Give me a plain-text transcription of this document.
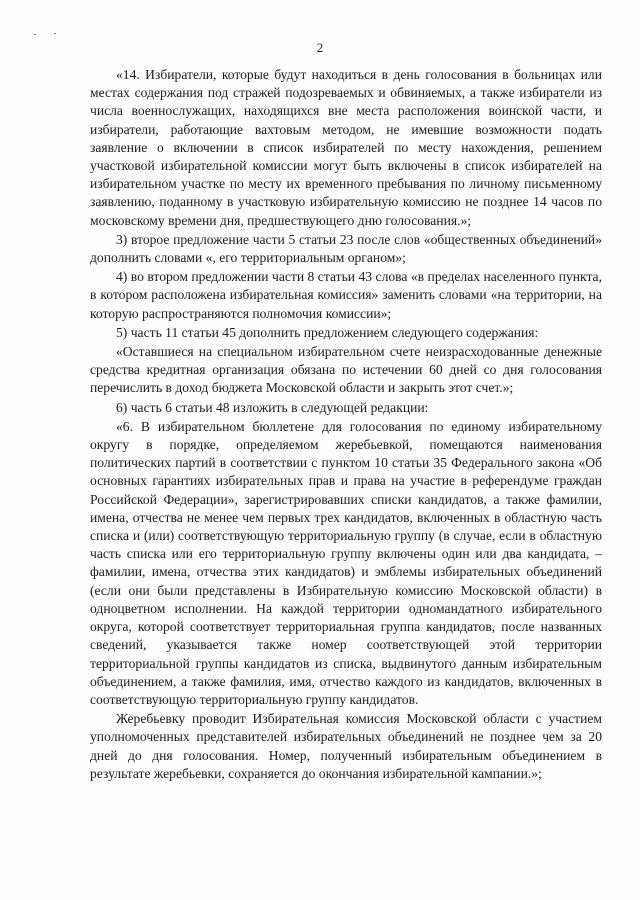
2

«14. Избиратели, которые будут находиться в день голосования в больницах или местах содержания под стражей подозреваемых и обвиняемых, а также избиратели из числа военнослужащих, находящихся вне места расположения воинской части, и избиратели, работающие вахтовым методом, не имевшие возможности подать заявление о включении в список избирателей по месту нахождения, решением участковой избирательной комиссии могут быть включены в список избирателей на избирательном участке по месту их временного пребывания по личному письменному заявлению, поданному в участковую избирательную комиссию не позднее 14 часов по московскому времени дня, предшествующего дню голосования.»;

3) второе предложение части 5 статьи 23 после слов «общественных объединений» дополнить словами «, его территориальным органом»;

4) во втором предложении части 8 статьи 43 слова «в пределах населенного пункта, в котором расположена избирательная комиссия» заменить словами «на территории, на которую распространяются полномочия комиссии»;

5) часть 11 статьи 45 дополнить предложением следующего содержания:

«Оставшиеся на специальном избирательном счете неизрасходованные денежные средства кредитная организация обязана по истечении 60 дней со дня голосования перечислить в доход бюджета Московской области и закрыть этот счет.»;

6) часть 6 статьи 48 изложить в следующей редакции:

«6. В избирательном бюллетене для голосования по единому избирательному округу в порядке, определяемом жеребьевкой, помещаются наименования политических партий в соответствии с пунктом 10 статьи 35 Федерального закона «Об основных гарантиях избирательных прав и права на участие в референдуме граждан Российской Федерации», зарегистрировавших списки кандидатов, а также фамилии, имена, отчества не менее чем первых трех кандидатов, включенных в областную часть списка и (или) соответствующую территориальную группу (в случае, если в областную часть списка или его территориальную группу включены один или два кандидата, – фамилии, имена, отчества этих кандидатов) и эмблемы избирательных объединений (если они были представлены в Избирательную комиссию Московской области) в одноцветном исполнении. На каждой территории одномандатного избирательного округа, которой соответствует территориальная группа кандидатов, после названных сведений, указывается также номер соответствующей этой территории территориальной группы кандидатов из списка, выдвинутого данным избирательным объединением, а также фамилия, имя, отчество каждого из кандидатов, включенных в соответствующую территориальную группу кандидатов.

Жеребьевку проводит Избирательная комиссия Московской области с участием уполномоченных представителей избирательных объединений не позднее чем за 20 дней до дня голосования. Номер, полученный избирательным объединением в результате жеребьевки, сохраняется до окончания избирательной кампании.»;
